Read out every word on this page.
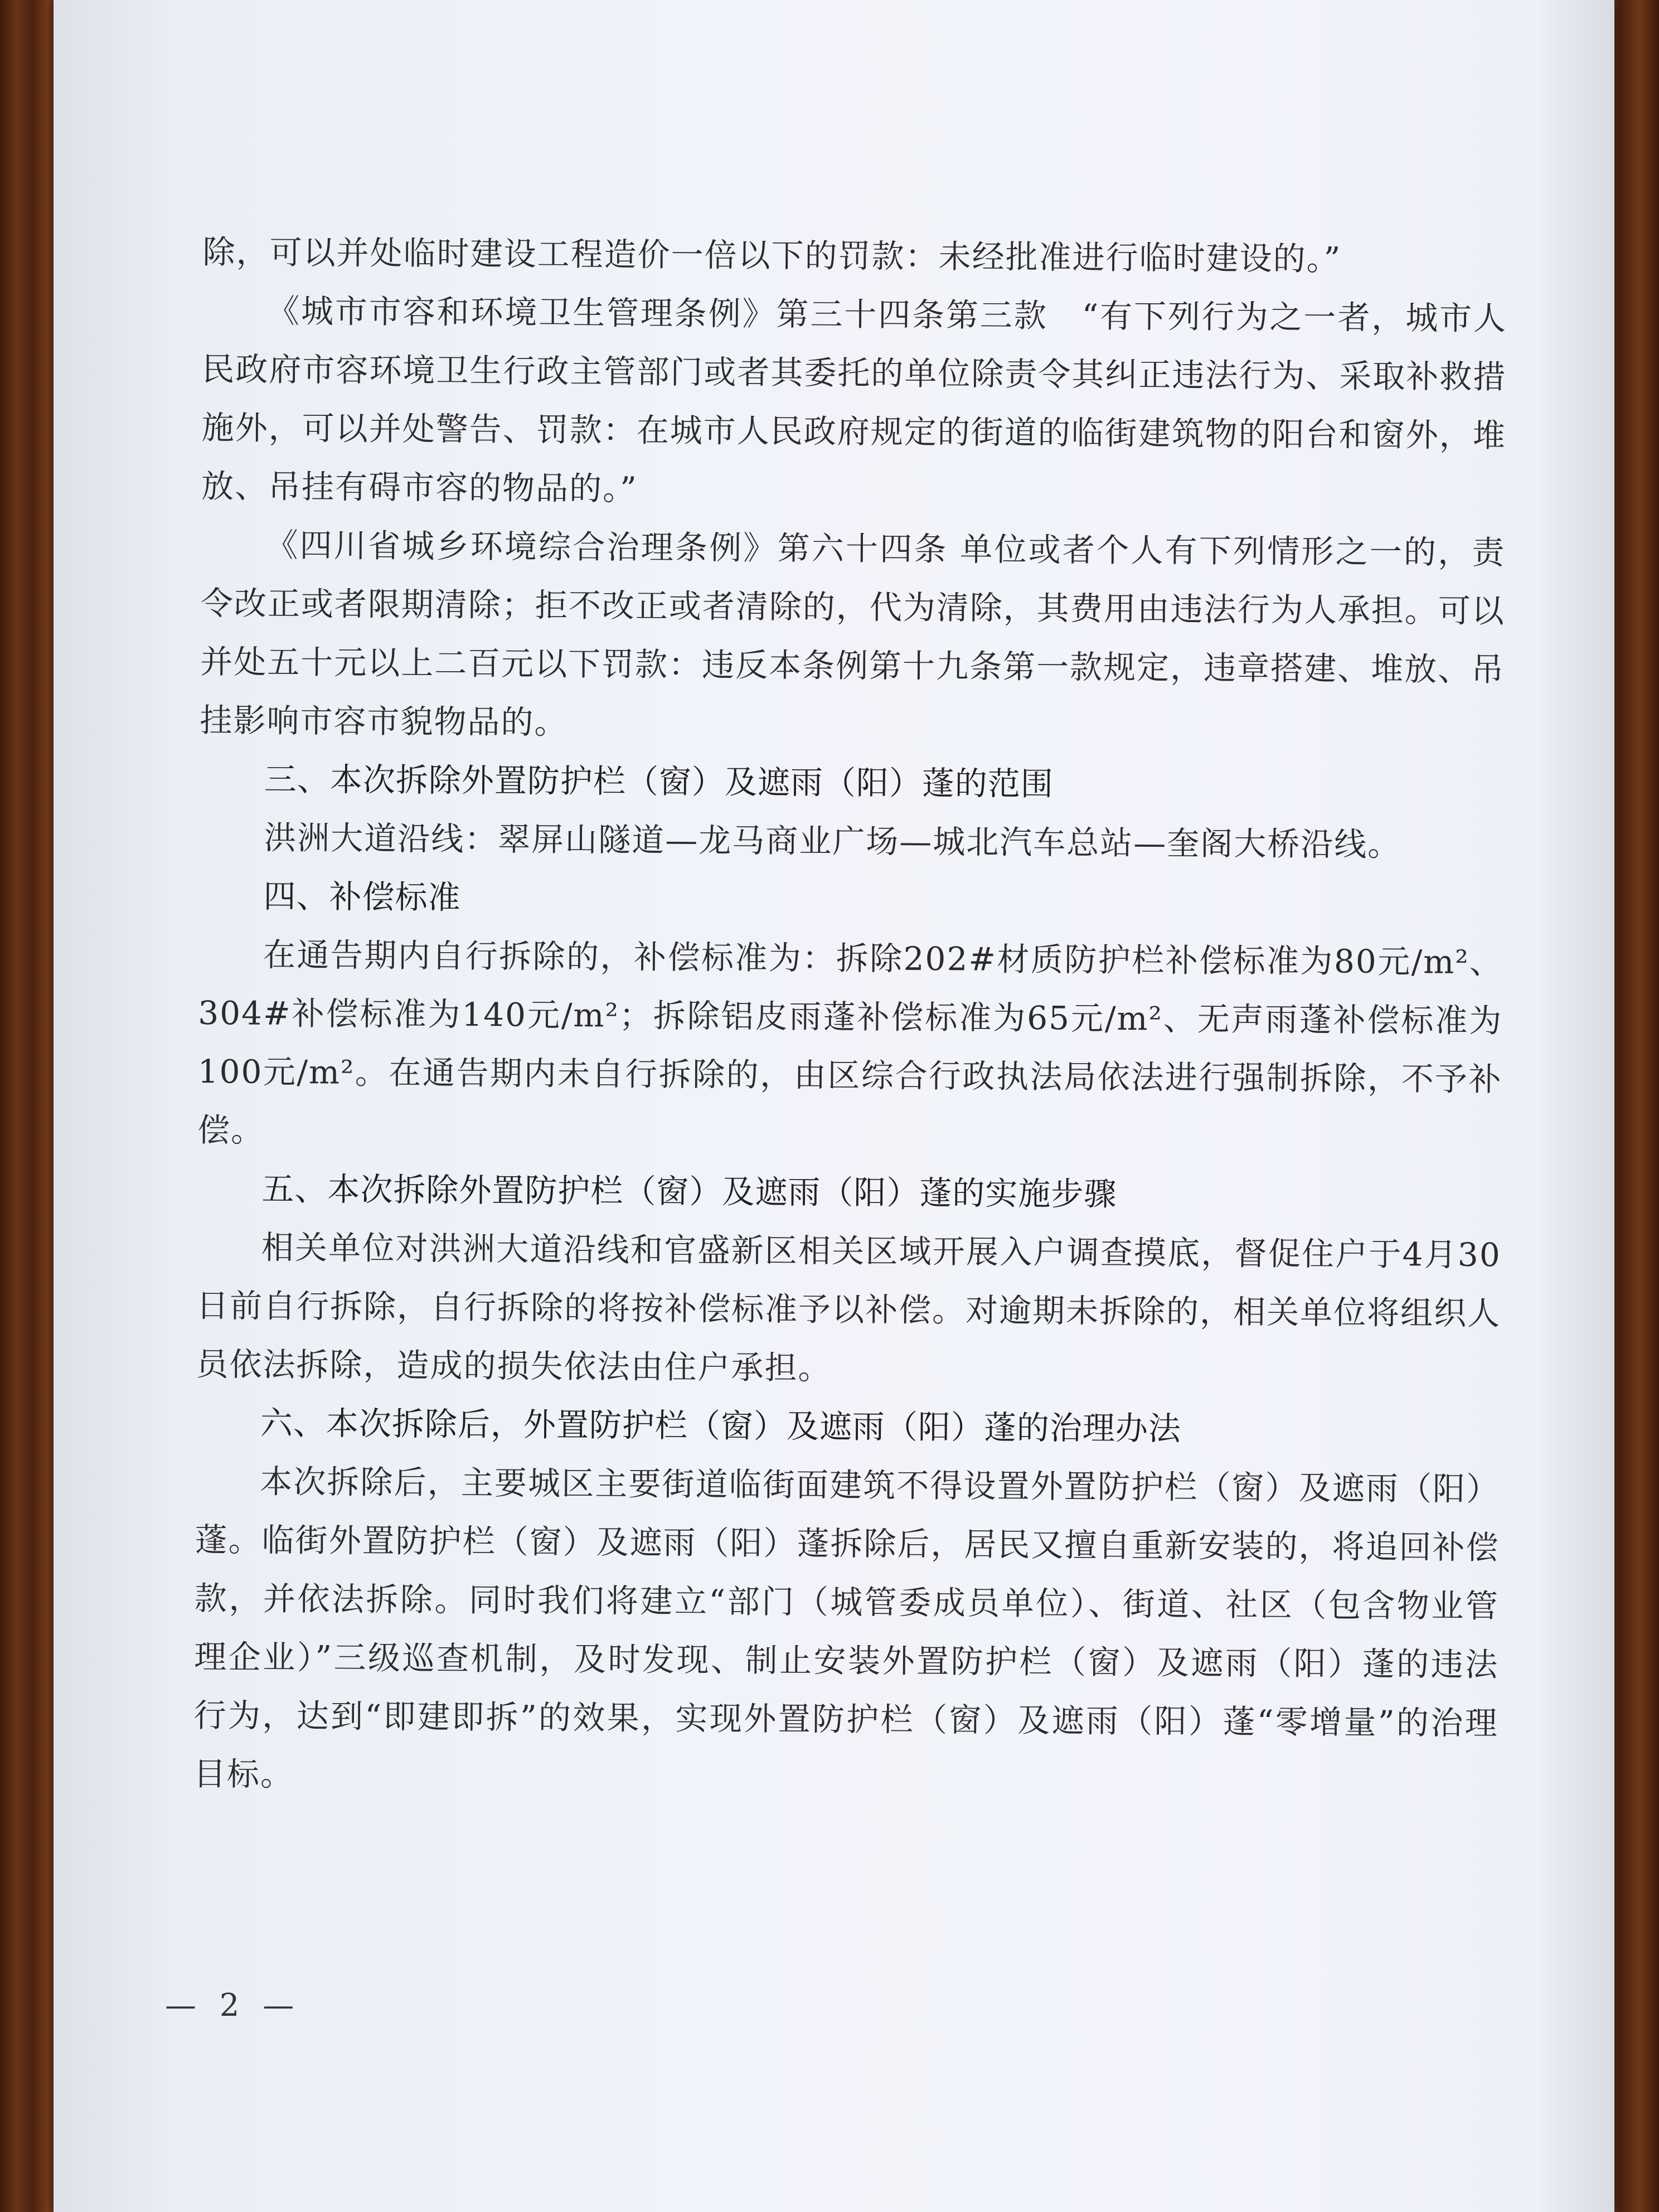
除，可以并处临时建设工程造价一倍以下的罚款：未经批准进行临时建设的。”

《城市市容和环境卫生管理条例》第三十四条第三款　“有下列行为之一者，城市人民政府市容环境卫生行政主管部门或者其委托的单位除责令其纠正违法行为、采取补救措施外，可以并处警告、罚款：在城市人民政府规定的街道的临街建筑物的阳台和窗外，堆放、吊挂有碍市容的物品的。”

《四川省城乡环境综合治理条例》第六十四条 单位或者个人有下列情形之一的，责令改正或者限期清除；拒不改正或者清除的，代为清除，其费用由违法行为人承担。可以并处五十元以上二百元以下罚款：违反本条例第十九条第一款规定，违章搭建、堆放、吊挂影响市容市貌物品的。

三、本次拆除外置防护栏（窗）及遮雨（阳）蓬的范围

洪洲大道沿线：翠屏山隧道—龙马商业广场—城北汽车总站—奎阁大桥沿线。

四、补偿标准

在通告期内自行拆除的，补偿标准为：拆除202#材质防护栏补偿标准为80元/m²、304#补偿标准为140元/m²；拆除铝皮雨蓬补偿标准为65元/m²、无声雨蓬补偿标准为100元/m²。在通告期内未自行拆除的，由区综合行政执法局依法进行强制拆除，不予补偿。

五、本次拆除外置防护栏（窗）及遮雨（阳）蓬的实施步骤

相关单位对洪洲大道沿线和官盛新区相关区域开展入户调查摸底，督促住户于4月30日前自行拆除，自行拆除的将按补偿标准予以补偿。对逾期未拆除的，相关单位将组织人员依法拆除，造成的损失依法由住户承担。

六、本次拆除后，外置防护栏（窗）及遮雨（阳）蓬的治理办法

本次拆除后，主要城区主要街道临街面建筑不得设置外置防护栏（窗）及遮雨（阳）蓬。临街外置防护栏（窗）及遮雨（阳）蓬拆除后，居民又擅自重新安装的，将追回补偿款，并依法拆除。同时我们将建立“部门（城管委成员单位）、街道、社区（包含物业管理企业）”三级巡查机制，及时发现、制止安装外置防护栏（窗）及遮雨（阳）蓬的违法行为，达到“即建即拆”的效果，实现外置防护栏（窗）及遮雨（阳）蓬“零增量”的治理目标。

— 2 —
